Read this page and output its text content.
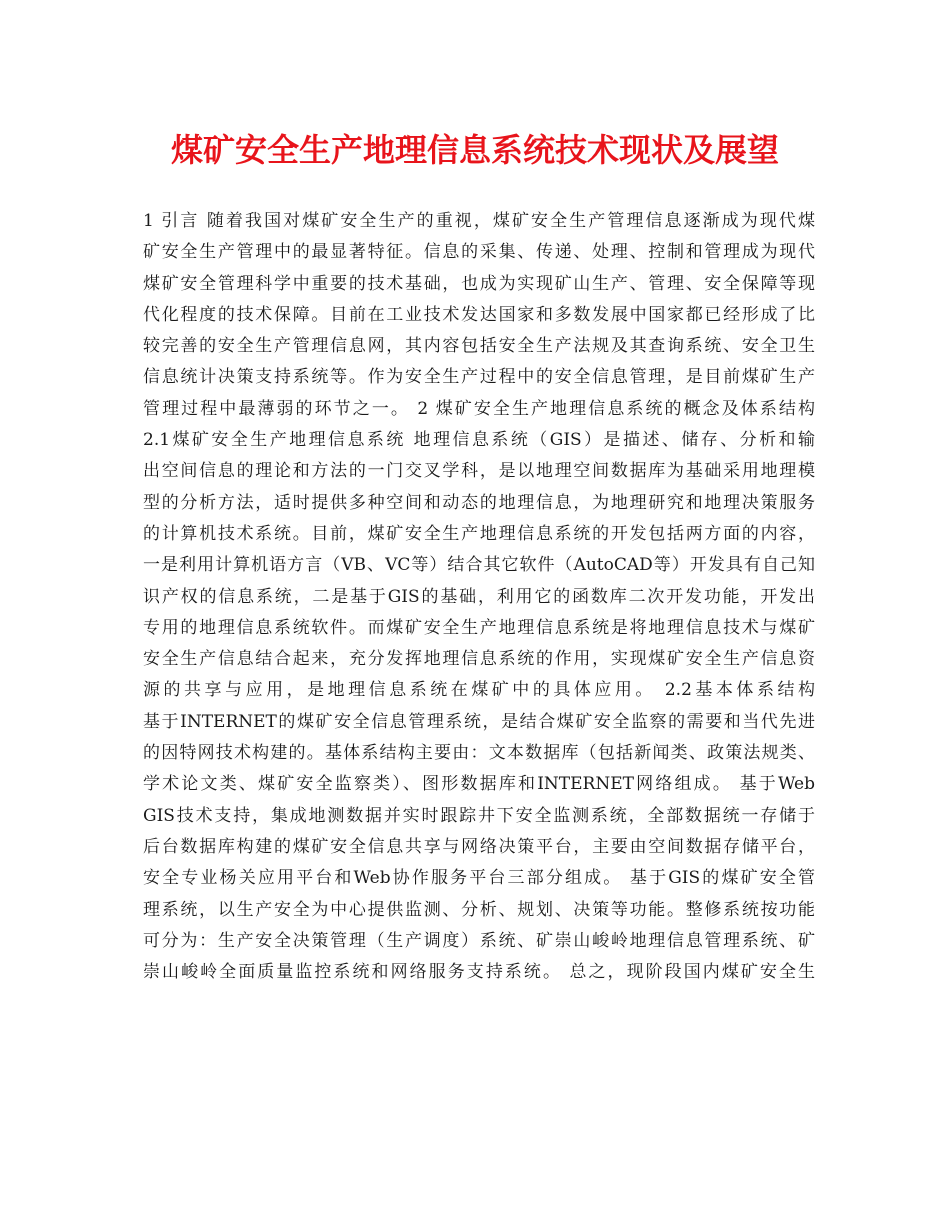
煤矿安全生产地理信息系统技术现状及展望
1 引言 随着我国对煤矿安全生产的重视，煤矿安全生产管理信息逐渐成为现代煤
矿安全生产管理中的最显著特征。信息的采集、传递、处理、控制和管理成为现代
煤矿安全管理科学中重要的技术基础，也成为实现矿山生产、管理、安全保障等现
代化程度的技术保障。目前在工业技术发达国家和多数发展中国家都已经形成了比
较完善的安全生产管理信息网，其内容包括安全生产法规及其查询系统、安全卫生
信息统计决策支持系统等。作为安全生产过程中的安全信息管理，是目前煤矿生产
管理过程中最薄弱的环节之一。 2 煤矿安全生产地理信息系统的概念及体系结构
2.1煤矿安全生产地理信息系统 地理信息系统（GIS）是描述、储存、分析和输
出空间信息的理论和方法的一门交叉学科，是以地理空间数据库为基础采用地理模
型的分析方法，适时提供多种空间和动态的地理信息，为地理研究和地理决策服务
的计算机技术系统。目前，煤矿安全生产地理信息系统的开发包括两方面的内容，
一是利用计算机语方言（VB、VC等）结合其它软件（AutoCAD等）开发具有自己知
识产权的信息系统，二是基于GIS的基础，利用它的函数库二次开发功能，开发出
专用的地理信息系统软件。而煤矿安全生产地理信息系统是将地理信息技术与煤矿
安全生产信息结合起来，充分发挥地理信息系统的作用，实现煤矿安全生产信息资
源的共享与应用，是地理信息系统在煤矿中的具体应用。 2.2基本体系结构
基于INTERNET的煤矿安全信息管理系统，是结合煤矿安全监察的需要和当代先进
的因特网技术构建的。基体系结构主要由：文本数据库（包括新闻类、政策法规类、
学术论文类、煤矿安全监察类）、图形数据库和INTERNET网络组成。 基于Web
GIS技术支持，集成地测数据并实时跟踪井下安全监测系统，全部数据统一存储于
后台数据库构建的煤矿安全信息共享与网络决策平台，主要由空间数据存储平台，
安全专业杨关应用平台和Web协作服务平台三部分组成。 基于GIS的煤矿安全管
理系统，以生产安全为中心提供监测、分析、规划、决策等功能。整修系统按功能
可分为：生产安全决策管理（生产调度）系统、矿崇山峻岭地理信息管理系统、矿
崇山峻岭全面质量监控系统和网络服务支持系统。 总之，现阶段国内煤矿安全生
